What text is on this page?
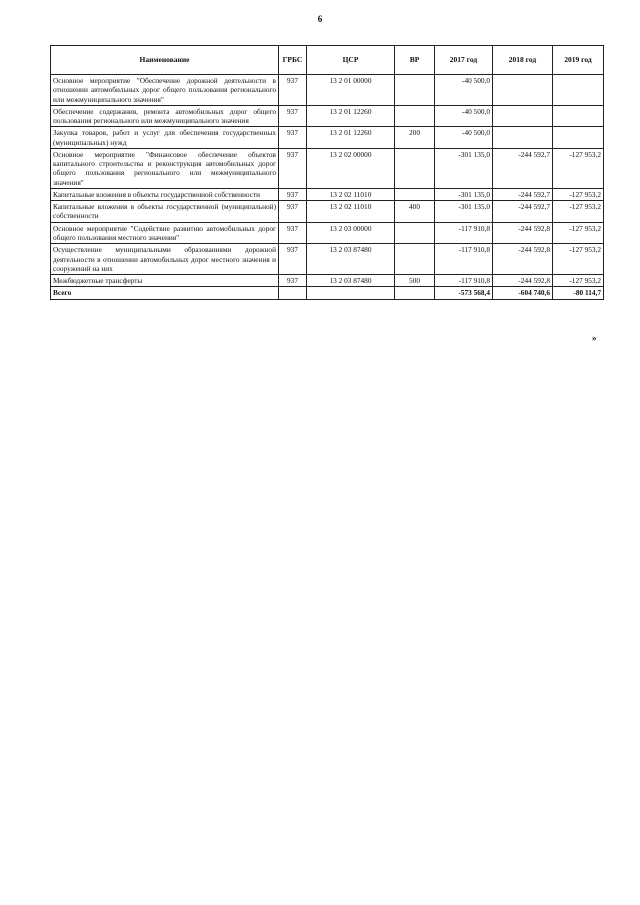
6
Наименование	ГРБС	ЦСР	ВР	2017 год	2018 год	2019 год
Основное мероприятие "Обеспечение дорожной деятельности в отношении автомобильных дорог общего пользования регионального или межмуниципального значения"	937	13 2 01 00000		-40 500,0		
Обеспечение содержания, ремонта автомобильных дорог общего пользования регионального или межмуниципального значения	937	13 2 01 12260		-40 500,0		
Закупка товаров, работ и услуг для обеспечения государственных (муниципальных) нужд	937	13 2 01 12260	200	-40 500,0		
Основное мероприятие "Финансовое обеспечение объектов капитального строительства и реконструкция автомобильных дорог общего пользования регионального или межмуниципального значения"	937	13 2 02 00000		-301 135,0	-244 592,7	-127 953,2
Капитальные вложения в объекты государственной собственности	937	13 2 02 11010		-301 135,0	-244 592,7	-127 953,2
Капитальные вложения в объекты государственной (муниципальной) собственности	937	13 2 02 11010	400	-301 135,0	-244 592,7	-127 953,2
Основное мероприятие "Содействие развитию автомобильных дорог общего пользования местного значения"	937	13 2 03 00000		-117 910,8	-244 592,8	-127 953,2
Осуществление муниципальными образованиями дорожной деятельности в отношении автомобильных дорог местного значения и сооружений на них	937	13 2 03 87480		-117 910,8	-244 592,8	-127 953,2
Межбюджетные трансферты	937	13 2 03 87480	500	-117 910,8	-244 592,8	-127 953,2
Всего				-573 568,4	-604 740,6	-80 114,7
»
